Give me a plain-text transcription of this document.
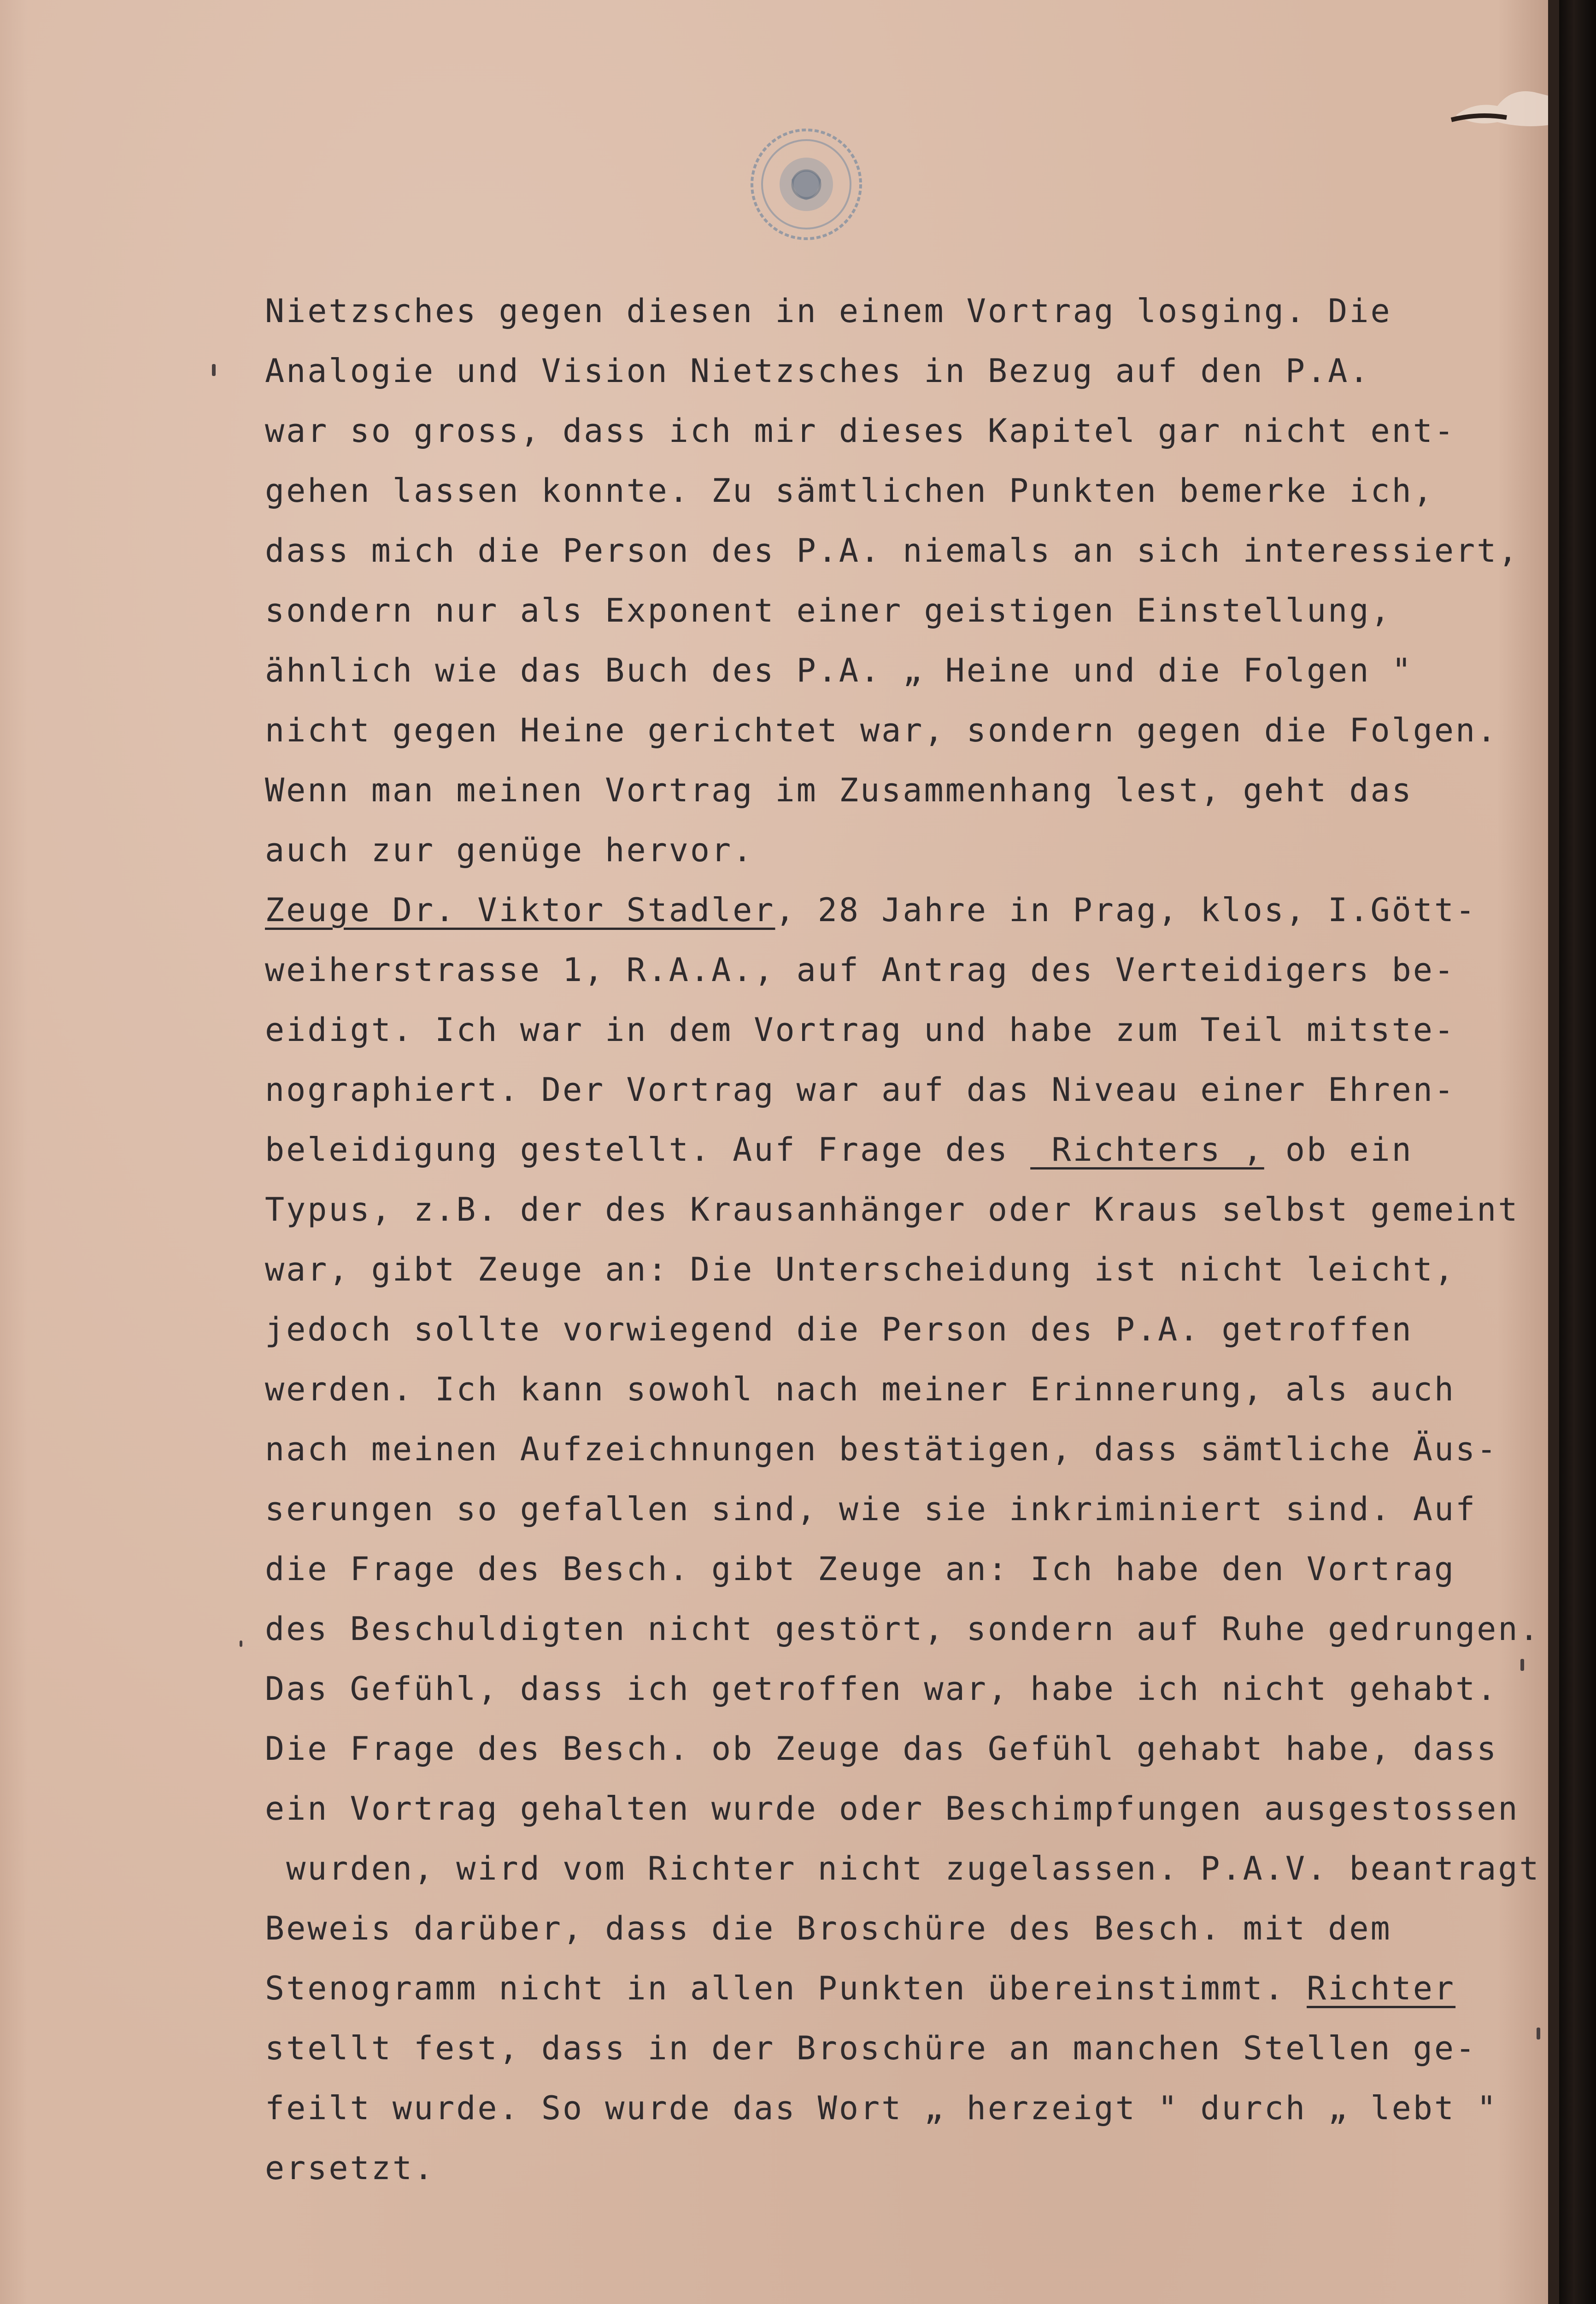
Nietzsches gegen diesen in einem Vortrag losging. Die
Analogie und Vision Nietzsches in Bezug auf den P.A.
war so gross, dass ich mir dieses Kapitel gar nicht ent-
gehen lassen konnte. Zu sämtlichen Punkten bemerke ich,
dass mich die Person des P.A. niemals an sich interessiert,
sondern nur als Exponent einer geistigen Einstellung,
ähnlich wie das Buch des P.A. „ Heine und die Folgen "
nicht gegen Heine gerichtet war, sondern gegen die Folgen.
Wenn man meinen Vortrag im Zusammenhang lest, geht das
auch zur genüge hervor.
Zeuge Dr. Viktor Stadler, 28 Jahre in Prag, klos, I.Gött-
weiherstrasse 1, R.A.A., auf Antrag des Verteidigers be-
eidigt. Ich war in dem Vortrag und habe zum Teil mitste-
nographiert. Der Vortrag war auf das Niveau einer Ehren-
beleidigung gestellt. Auf Frage des  Richters , ob ein
Typus, z.B. der des Krausanhänger oder Kraus selbst gemeint
war, gibt Zeuge an: Die Unterscheidung ist nicht leicht,
jedoch sollte vorwiegend die Person des P.A. getroffen
werden. Ich kann sowohl nach meiner Erinnerung, als auch
nach meinen Aufzeichnungen bestätigen, dass sämtliche Äus-
serungen so gefallen sind, wie sie inkriminiert sind. Auf
die Frage des Besch. gibt Zeuge an: Ich habe den Vortrag
des Beschuldigten nicht gestört, sondern auf Ruhe gedrungen.
Das Gefühl, dass ich getroffen war, habe ich nicht gehabt.
Die Frage des Besch. ob Zeuge das Gefühl gehabt habe, dass
ein Vortrag gehalten wurde oder Beschimpfungen ausgestossen
wurden, wird vom Richter nicht zugelassen. P.A.V. beantragt
Beweis darüber, dass die Broschüre des Besch. mit dem
Stenogramm nicht in allen Punkten übereinstimmt. Richter
stellt fest, dass in der Broschüre an manchen Stellen ge-
feilt wurde. So wurde das Wort „ herzeigt " durch „ lebt "
ersetzt.
